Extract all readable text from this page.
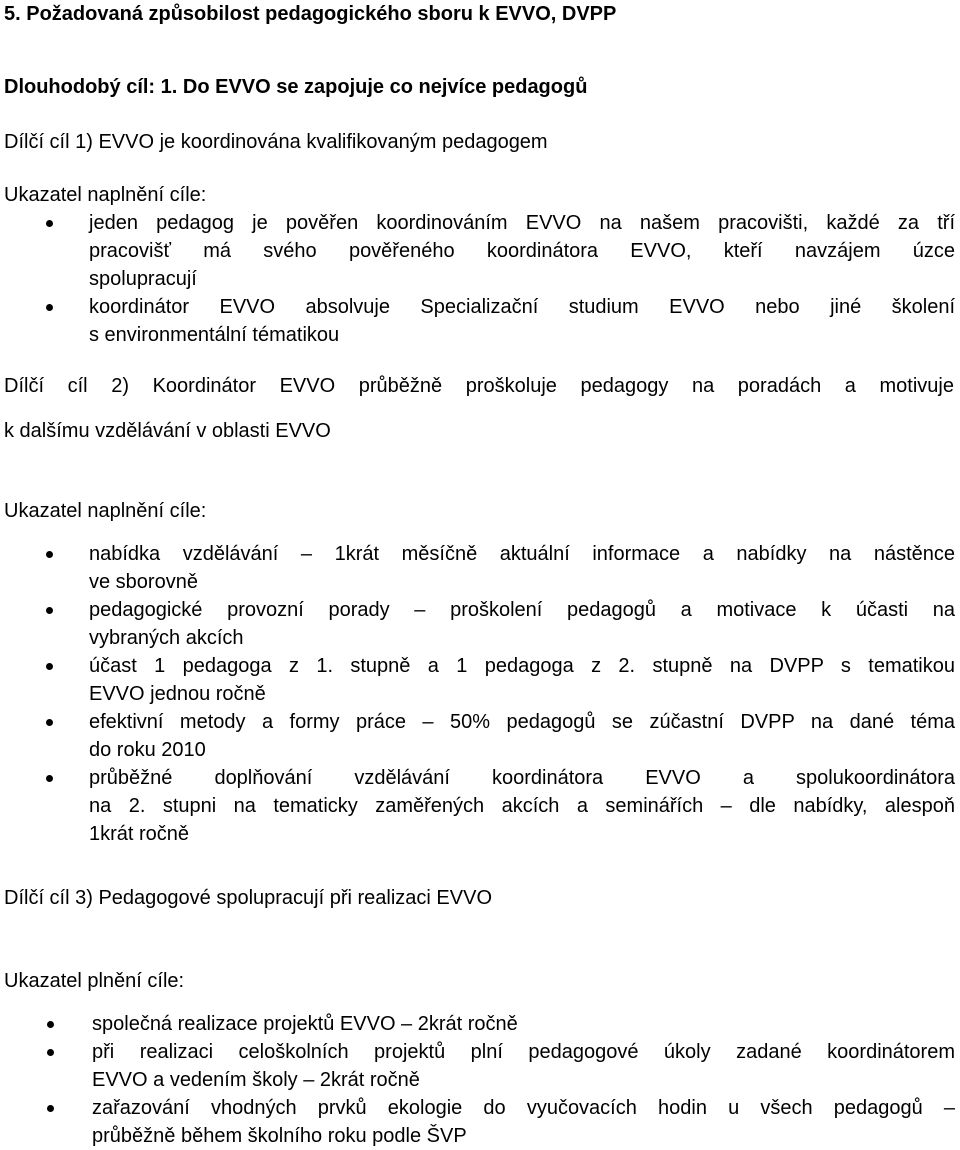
5. Požadovaná způsobilost pedagogického sboru k EVVO, DVPP
Dlouhodobý cíl: 1. Do EVVO se zapojuje co nejvíce pedagogů
Dílčí cíl 1) EVVO je koordinována kvalifikovaným pedagogem
Ukazatel naplnění cíle:
jeden pedagog je pověřen koordinováním EVVO na našem pracovišti, každé za tří
pracovišť má svého pověřeného koordinátora EVVO, kteří navzájem úzce
spolupracují
koordinátor EVVO absolvuje Specializační studium EVVO nebo jiné školení
s environmentální tématikou
Dílčí cíl 2) Koordinátor EVVO průběžně proškoluje pedagogy na poradách a motivuje
k dalšímu vzdělávání v oblasti EVVO
Ukazatel naplnění cíle:
nabídka vzdělávání – 1krát měsíčně aktuální informace a nabídky na nástěnce
ve sborovně
pedagogické provozní porady – proškolení pedagogů a motivace k účasti na
vybraných akcích
účast 1 pedagoga z 1. stupně a 1 pedagoga z 2. stupně na DVPP s tematikou
EVVO jednou ročně
efektivní metody a formy práce – 50% pedagogů se zúčastní DVPP na dané téma
do roku 2010
průběžné doplňování vzdělávání koordinátora EVVO a spolukoordinátora
na 2. stupni na tematicky zaměřených akcích a seminářích – dle nabídky, alespoň
1krát ročně
Dílčí cíl 3) Pedagogové spolupracují při realizaci EVVO
Ukazatel plnění cíle:
společná realizace projektů EVVO – 2krát ročně
při realizaci celoškolních projektů plní pedagogové úkoly zadané koordinátorem
EVVO a vedením školy – 2krát ročně
zařazování vhodných prvků ekologie do vyučovacích hodin u všech pedagogů –
průběžně během školního roku podle ŠVP
